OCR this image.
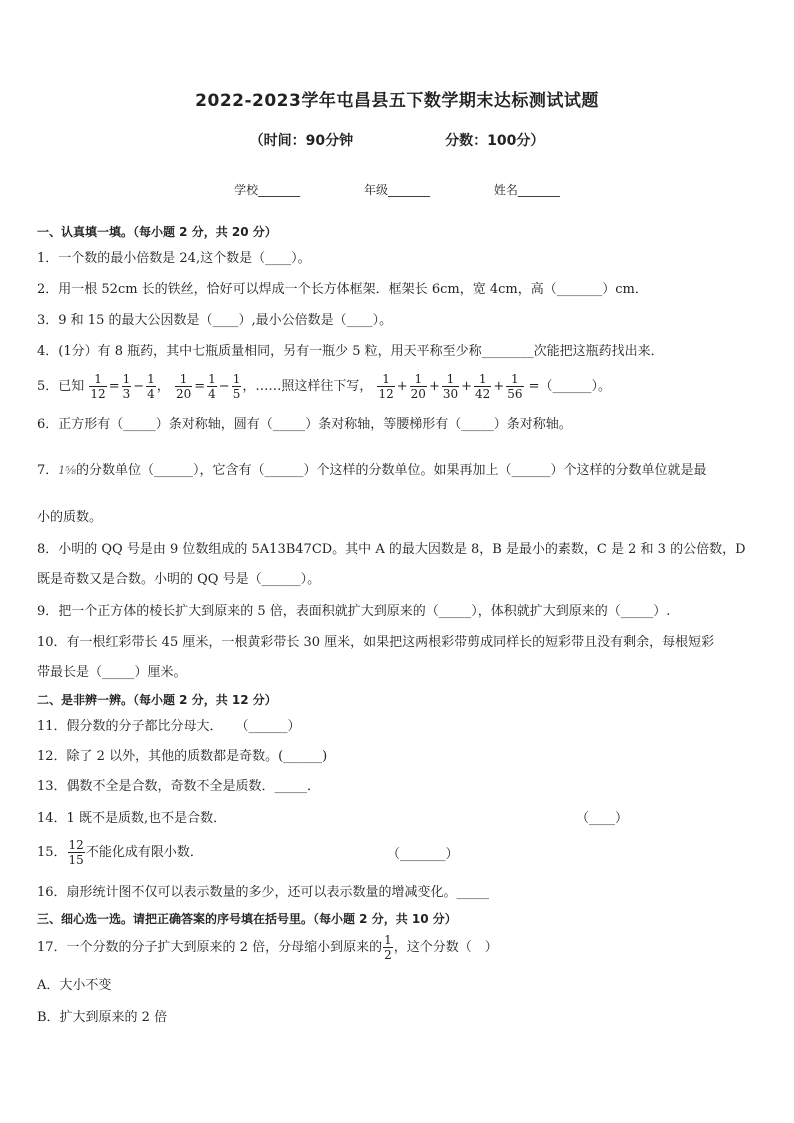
2022-2023学年屯昌县五下数学期末达标测试试题
（时间：90分钟	分数：100分）
学校_______	年级_______	姓名_______
一、认真填一填。（每小题 2 分，共 20 分）
1．一个数的最小倍数是 24,这个数是（____）。
2．用一根 52cm 长的铁丝，恰好可以焊成一个长方体框架．框架长 6cm，宽 4cm，高（_______）cm．
3．9 和 15 的最大公因数是（____）,最小公倍数是（____）。
4．(1分）有 8 瓶药，其中七瓶质量相同，另有一瓶少 5 粒，用天平称至少称________次能把这瓶药找出来．
5．已知 $\frac{1}{12} = \frac{1}{3} - \frac{1}{4}$ ， $\frac{1}{20} = \frac{1}{4} - \frac{1}{5}$ ，……照这样往下写， $\frac{1}{12} + \frac{1}{20} + \frac{1}{30} + \frac{1}{42} + \frac{1}{56}$ =（______）。
6．正方形有（_____）条对称轴，圆有（_____）条对称轴，等腰梯形有（_____）条对称轴。
7．1⁵⁄₈的分数单位（______），它含有（______）个这样的分数单位。如果再加上（______）个这样的分数单位就是最
小的质数。
8．小明的 QQ 号是由 9 位数组成的 5A13B47CD。其中 A 的最大因数是 8，B 是最小的素数，C 是 2 和 3 的公倍数，D
既是奇数又是合数。小明的 QQ 号是（______）。
9．把一个正方体的棱长扩大到原来的 5 倍，表面积就扩大到原来的（_____），体积就扩大到原来的（_____）.
10．有一根红彩带长 45 厘米，一根黄彩带长 30 厘米，如果把这两根彩带剪成同样长的短彩带且没有剩余，每根短彩
带最长是（_____）厘米。
二、是非辨一辨。（每小题 2 分，共 12 分）
11．假分数的分子都比分母大．　　（______）
12．除了 2 以外，其他的质数都是奇数。(______)
13．偶数不全是合数，奇数不全是质数．_____．
14．1 既不是质数,也不是合数．	（____）
15． $\frac{12}{15}$ 不能化成有限小数．	（_______）
16．扇形统计图不仅可以表示数量的多少，还可以表示数量的增减变化。_____
三、细心选一选。请把正确答案的序号填在括号里。（每小题 2 分，共 10 分）
17．一个分数的分子扩大到原来的 2 倍，分母缩小到原来的 $\frac{1}{2}$ ，这个分数（　）
A．大小不变
B．扩大到原来的 2 倍
